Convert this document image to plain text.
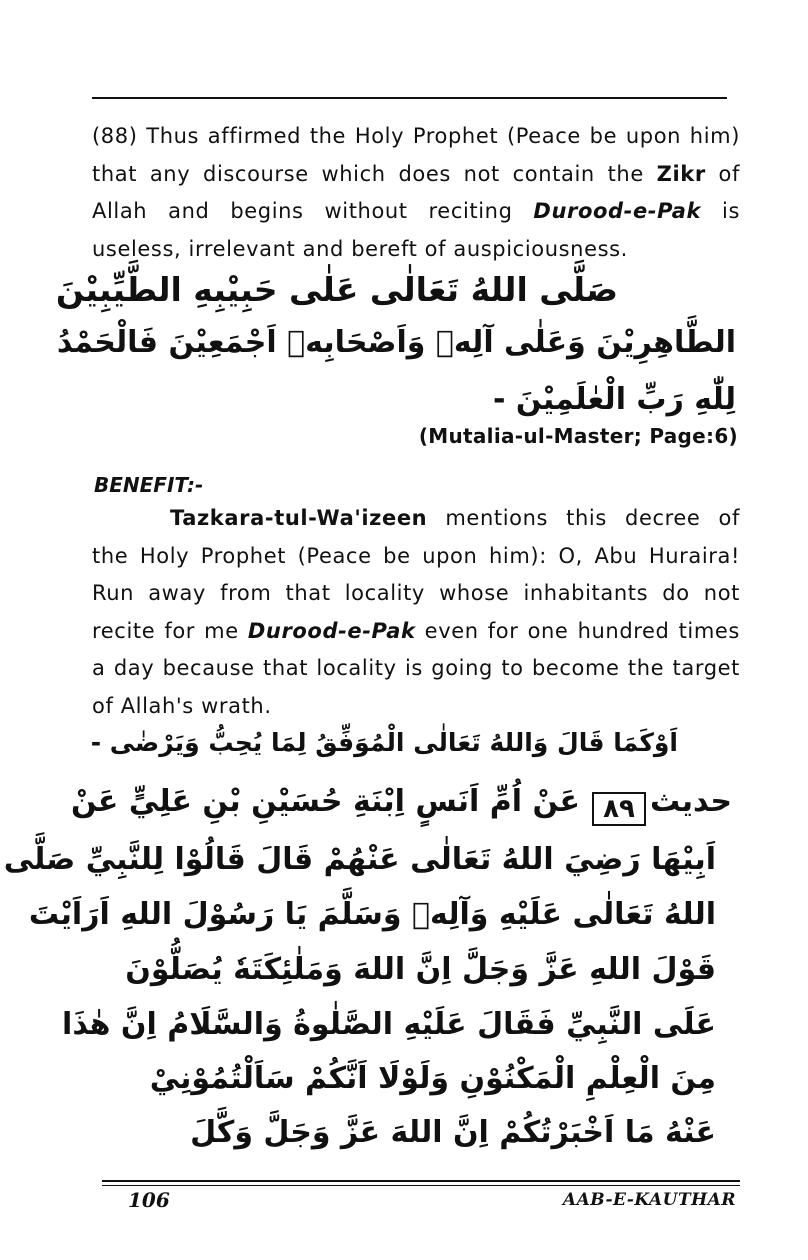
(88) Thus affirmed the Holy Prophet (Peace be upon him) that any discourse which does not contain the Zikr of Allah and begins without reciting Durood-e-Pak is useless, irrelevant and bereft of auspiciousness.

صَلَّى اللهُ تَعَالٰى عَلٰى حَبِيْبِهِ الطَّيِّبِيْنَ
الطَّاهِرِيْنَ وَعَلٰى آلِهٖ وَاَصْحَابِهٖ اَجْمَعِيْنَ فَالْحَمْدُ
لِلّٰهِ رَبِّ الْعٰلَمِيْنَ -
(Mutalia-ul-Master; Page:6)
BENEFIT:-

Tazkara-tul-Wa'izeen mentions this decree of the Holy Prophet (Peace be upon him): O, Abu Huraira! Run away from that locality whose inhabitants do not recite for me Durood-e-Pak even for one hundred times a day because that locality is going to become the target of Allah's wrath.

اَوْكَمَا قَالَ وَاللهُ تَعَالٰى الْمُوَفِّقُ لِمَا يُحِبُّ وَيَرْضٰى -
٨٩ حديث
عَنْ اُمِّ اَنَسٍ اِبْنَةِ حُسَيْنِ بْنِ عَلِيٍّ عَنْ
اَبِيْهَا رَضِيَ اللهُ تَعَالٰى عَنْهُمْ قَالَ قَالُوْا لِلنَّبِيِّ صَلَّى
اللهُ تَعَالٰى عَلَيْهِ وَآلِهٖ وَسَلَّمَ يَا رَسُوْلَ اللهِ اَرَاَيْتَ
قَوْلَ اللهِ عَزَّ وَجَلَّ اِنَّ اللهَ وَمَلٰئِكَتَهٗ يُصَلُّوْنَ
عَلَى النَّبِيِّ فَقَالَ عَلَيْهِ الصَّلٰوةُ وَالسَّلَامُ اِنَّ هٰذَا
مِنَ الْعِلْمِ الْمَكْنُوْنِ وَلَوْلَا اَنَّكُمْ سَاَلْتُمُوْنِيْ
عَنْهُ مَا اَخْبَرْتُكُمْ اِنَّ اللهَ عَزَّ وَجَلَّ وَكَّلَ
106	AAB-E-KAUTHAR
